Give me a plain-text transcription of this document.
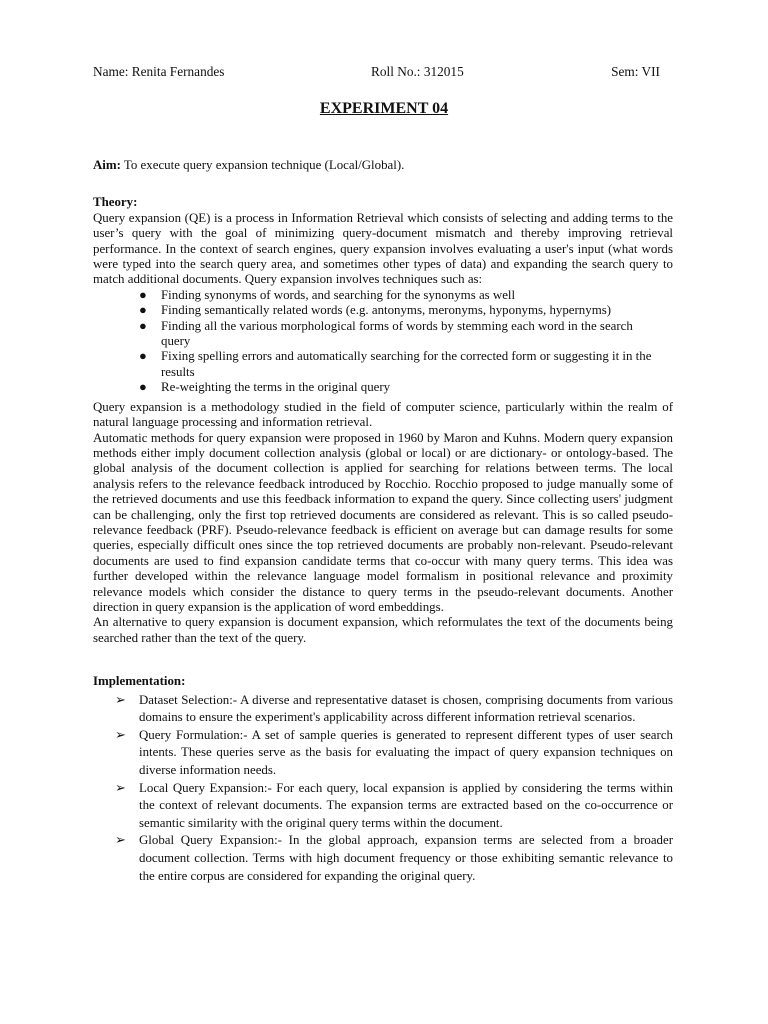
Name: Renita Fernandes	Roll No.: 312015	Sem: VII
EXPERIMENT 04

Aim: To execute query expansion technique (Local/Global).

Theory:

Query expansion (QE) is a process in Information Retrieval which consists of selecting and adding terms to the user’s query with the goal of minimizing query-document mismatch and thereby improving retrieval performance. In the context of search engines, query expansion involves evaluating a user's input (what words were typed into the search query area, and sometimes other types of data) and expanding the search query to match additional documents. Query expansion involves techniques such as:

● Finding synonyms of words, and searching for the synonyms as well
● Finding semantically related words (e.g. antonyms, meronyms, hyponyms, hypernyms)
● Finding all the various morphological forms of words by stemming each word in the search query
● Fixing spelling errors and automatically searching for the corrected form or suggesting it in the results
● Re-weighting the terms in the original query

Query expansion is a methodology studied in the field of computer science, particularly within the realm of natural language processing and information retrieval.

Automatic methods for query expansion were proposed in 1960 by Maron and Kuhns. Modern query expansion methods either imply document collection analysis (global or local) or are dictionary- or ontology-based. The global analysis of the document collection is applied for searching for relations between terms. The local analysis refers to the relevance feedback introduced by Rocchio. Rocchio proposed to judge manually some of the retrieved documents and use this feedback information to expand the query. Since collecting users' judgment can be challenging, only the first top retrieved documents are considered as relevant. This is so called pseudo-relevance feedback (PRF). Pseudo-relevance feedback is efficient on average but can damage results for some queries, especially difficult ones since the top retrieved documents are probably non-relevant. Pseudo-relevant documents are used to find expansion candidate terms that co-occur with many query terms. This idea was further developed within the relevance language model formalism in positional relevance and proximity relevance models which consider the distance to query terms in the pseudo-relevant documents. Another direction in query expansion is the application of word embeddings.

An alternative to query expansion is document expansion, which reformulates the text of the documents being searched rather than the text of the query.

Implementation:

➢ Dataset Selection:- A diverse and representative dataset is chosen, comprising documents from various domains to ensure the experiment's applicability across different information retrieval scenarios.
➢ Query Formulation:- A set of sample queries is generated to represent different types of user search intents. These queries serve as the basis for evaluating the impact of query expansion techniques on diverse information needs.
➢ Local Query Expansion:- For each query, local expansion is applied by considering the terms within the context of relevant documents. The expansion terms are extracted based on the co-occurrence or semantic similarity with the original query terms within the document.
➢ Global Query Expansion:- In the global approach, expansion terms are selected from a broader document collection. Terms with high document frequency or those exhibiting semantic relevance to the entire corpus are considered for expanding the original query.
